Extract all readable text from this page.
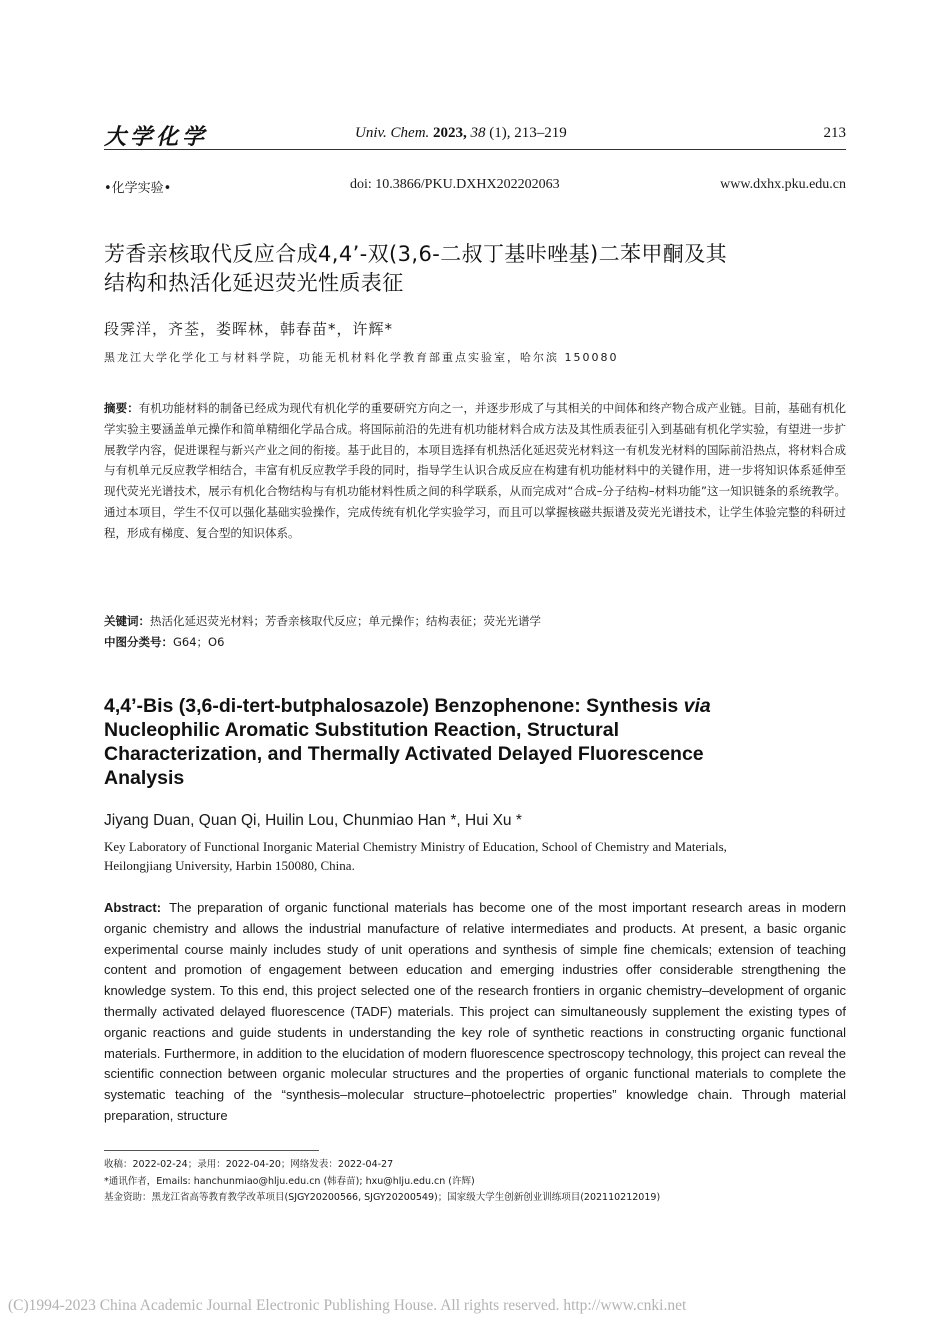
大学化学	Univ. Chem. 2023, 38 (1), 213–219	213
•化学实验•	doi: 10.3866/PKU.DXHX202202063	www.dxhx.pku.edu.cn
芳香亲核取代反应合成4,4’-双(3,6-二叔丁基咔唑基)二苯甲酮及其
结构和热活化延迟荧光性质表征
段霁洋，齐荃，娄晖林，韩春苗*，许辉*
黑龙江大学化学化工与材料学院，功能无机材料化学教育部重点实验室，哈尔滨 150080
摘要：有机功能材料的制备已经成为现代有机化学的重要研究方向之一，并逐步形成了与其相关的中间体和终产物合成产业链。目前，基础有机化学实验主要涵盖单元操作和简单精细化学品合成。将国际前沿的先进有机功能材料合成方法及其性质表征引入到基础有机化学实验，有望进一步扩展教学内容，促进课程与新兴产业之间的衔接。基于此目的，本项目选择有机热活化延迟荧光材料这一有机发光材料的国际前沿热点，将材料合成与有机单元反应教学相结合，丰富有机反应教学手段的同时，指导学生认识合成反应在构建有机功能材料中的关键作用，进一步将知识体系延伸至现代荧光光谱技术，展示有机化合物结构与有机功能材料性质之间的科学联系，从而完成对“合成–分子结构–材料功能”这一知识链条的系统教学。通过本项目，学生不仅可以强化基础实验操作，完成传统有机化学实验学习，而且可以掌握核磁共振谱及荧光光谱技术，让学生体验完整的科研过程，形成有梯度、复合型的知识体系。
关键词：热活化延迟荧光材料；芳香亲核取代反应；单元操作；结构表征；荧光光谱学
中图分类号：G64；O6
4,4’-Bis (3,6-di-tert-butphalosazole) Benzophenone: Synthesis via
Nucleophilic Aromatic Substitution Reaction, Structural
Characterization, and Thermally Activated Delayed Fluorescence
Analysis
Jiyang Duan, Quan Qi, Huilin Lou, Chunmiao Han *, Hui Xu *
Key Laboratory of Functional Inorganic Material Chemistry Ministry of Education, School of Chemistry and Materials,
Heilongjiang University, Harbin 150080, China.
Abstract: The preparation of organic functional materials has become one of the most important research areas in modern organic chemistry and allows the industrial manufacture of relative intermediates and products. At present, a basic organic experimental course mainly includes study of unit operations and synthesis of simple fine chemicals; extension of teaching content and promotion of engagement between education and emerging industries offer considerable strengthening the knowledge system. To this end, this project selected one of the research frontiers in organic chemistry–development of organic thermally activated delayed fluorescence (TADF) materials. This project can simultaneously supplement the existing types of organic reactions and guide students in understanding the key role of synthetic reactions in constructing organic functional materials. Furthermore, in addition to the elucidation of modern fluorescence spectroscopy technology, this project can reveal the scientific connection between organic molecular structures and the properties of organic functional materials to complete the systematic teaching of the “synthesis–molecular structure–photoelectric properties” knowledge chain. Through material preparation, structure
收稿：2022-02-24；录用：2022-04-20；网络发表：2022-04-27
*通讯作者，Emails: hanchunmiao@hlju.edu.cn (韩春苗); hxu@hlju.edu.cn (许辉)
基金资助：黑龙江省高等教育教学改革项目(SJGY20200566, SJGY20200549)；国家级大学生创新创业训练项目(202110212019)
(C)1994-2023 China Academic Journal Electronic Publishing House. All rights reserved. http://www.cnki.net
